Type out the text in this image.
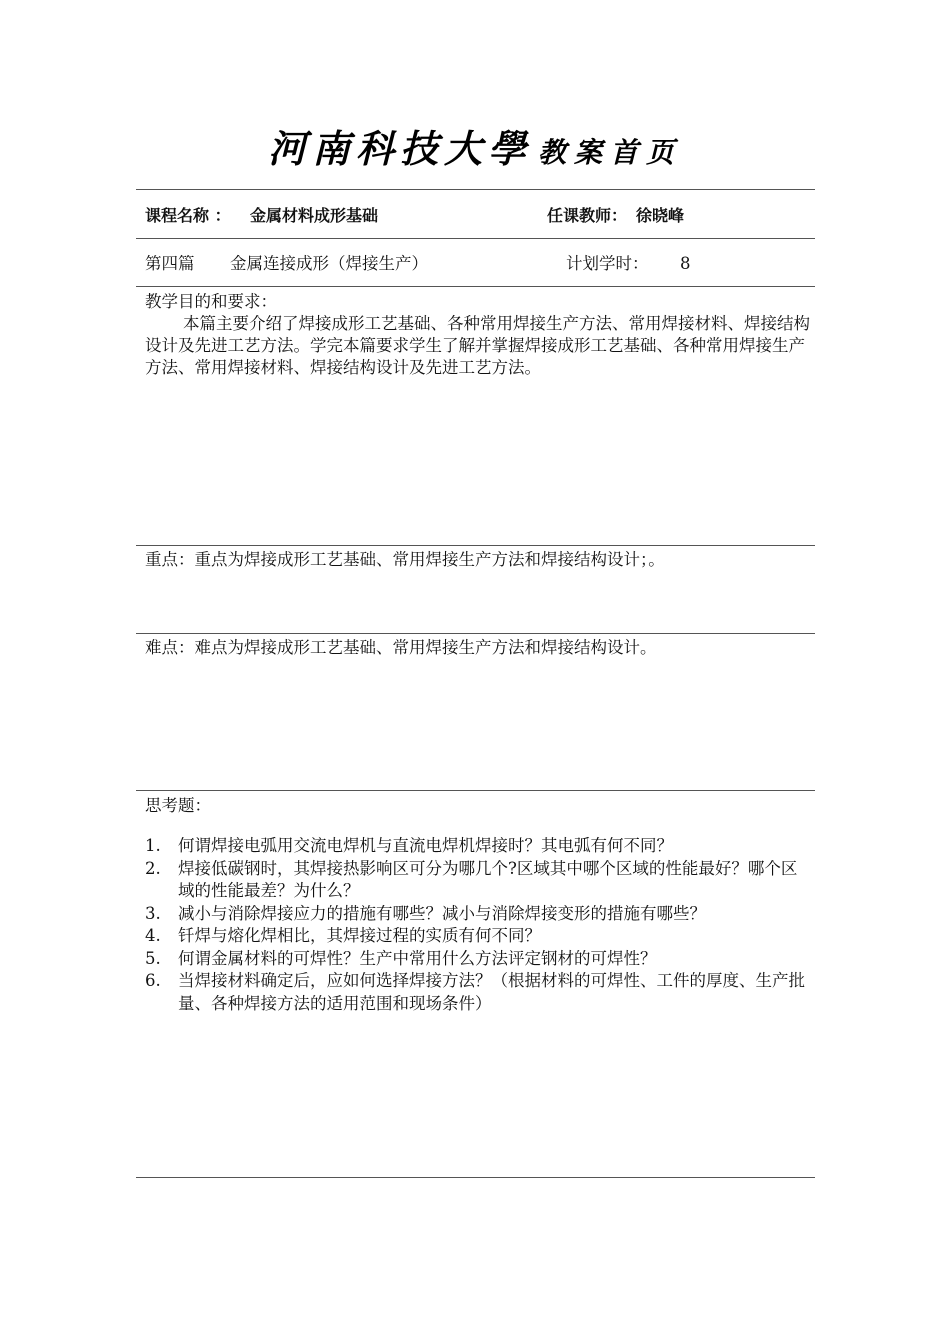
河南科技大學 教案首页
课程名称 ： 金属材料成形基础	任课教师： 徐晓峰
第四篇 金属连接成形（焊接生产）	计划学时： 8
教学目的和要求：
本篇主要介绍了焊接成形工艺基础、各种常用焊接生产方法、常用焊接材料、焊接结构设计及先进工艺方法。学完本篇要求学生了解并掌握焊接成形工艺基础、各种常用焊接生产方法、常用焊接材料、焊接结构设计及先进工艺方法。
重点：重点为焊接成形工艺基础、常用焊接生产方法和焊接结构设计；。
难点：难点为焊接成形工艺基础、常用焊接生产方法和焊接结构设计。
思考题：
1. 何谓焊接电弧用交流电焊机与直流电焊机焊接时？其电弧有何不同？
2. 焊接低碳钢时，其焊接热影响区可分为哪几个?区域其中哪个区域的性能最好？哪个区域的性能最差？为什么？
3. 减小与消除焊接应力的措施有哪些？减小与消除焊接变形的措施有哪些？
4. 钎焊与熔化焊相比，其焊接过程的实质有何不同？
5. 何谓金属材料的可焊性？生产中常用什么方法评定钢材的可焊性？
6. 当焊接材料确定后，应如何选择焊接方法？（根据材料的可焊性、工件的厚度、生产批量、各种焊接方法的适用范围和现场条件）
